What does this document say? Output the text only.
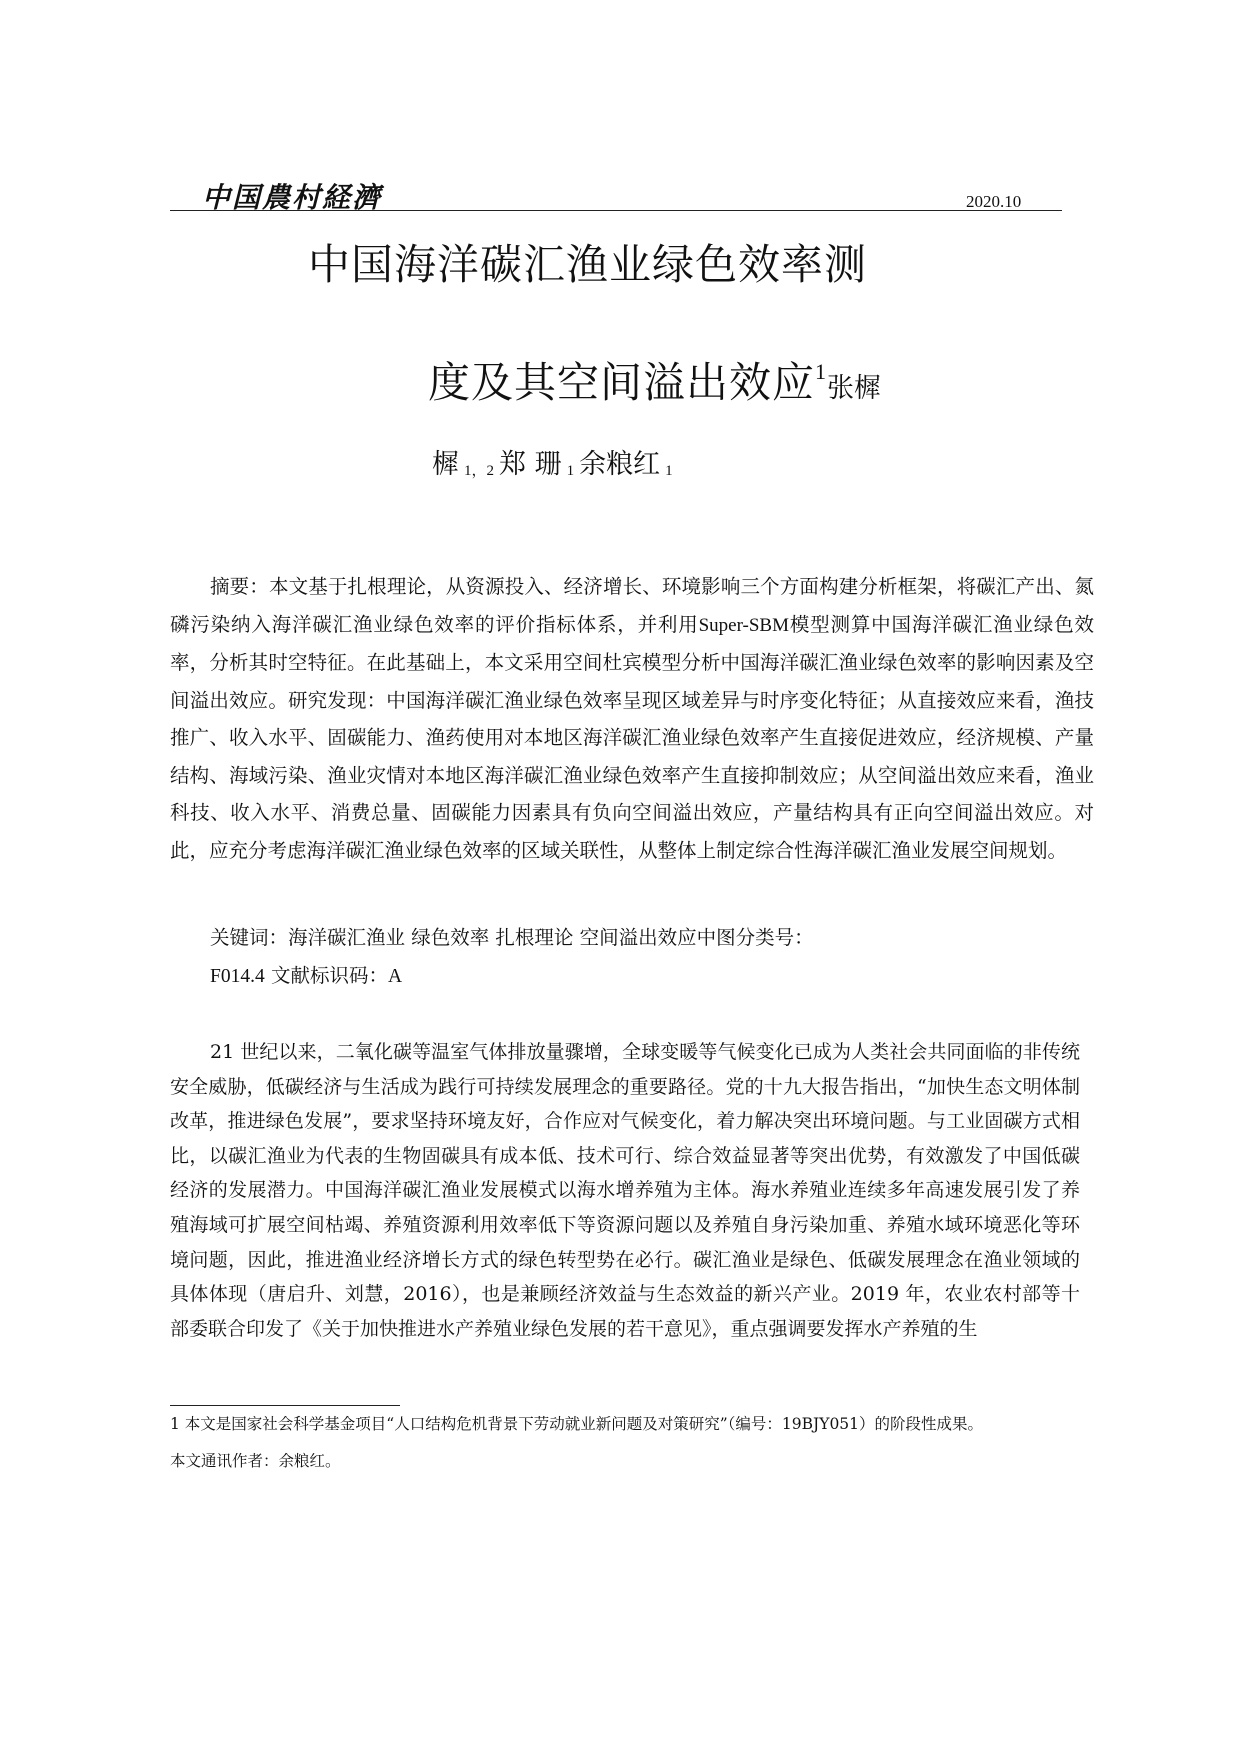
中国農村経濟	2020.10
中国海洋碳汇渔业绿色效率测
度及其空间溢出效应$^1$张樨
樨 1，2 郑 珊 1 余粮红 1

摘要：本文基于扎根理论，从资源投入、经济增长、环境影响三个方面构建分析框架，将碳汇产出、氮磷污染纳入海洋碳汇渔业绿色效率的评价指标体系，并利用Super-SBM模型测算中国海洋碳汇渔业绿色效率，分析其时空特征。在此基础上，本文采用空间杜宾模型分析中国海洋碳汇渔业绿色效率的影响因素及空间溢出效应。研究发现：中国海洋碳汇渔业绿色效率呈现区域差异与时序变化特征；从直接效应来看，渔技推广、收入水平、固碳能力、渔药使用对本地区海洋碳汇渔业绿色效率产生直接促进效应，经济规模、产量结构、海域污染、渔业灾情对本地区海洋碳汇渔业绿色效率产生直接抑制效应；从空间溢出效应来看，渔业科技、收入水平、消费总量、固碳能力因素具有负向空间溢出效应，产量结构具有正向空间溢出效应。对此，应充分考虑海洋碳汇渔业绿色效率的区域关联性，从整体上制定综合性海洋碳汇渔业发展空间规划。

关键词：海洋碳汇渔业 绿色效率 扎根理论 空间溢出效应中图分类号：
F014.4 文献标识码：A

21 世纪以来，二氧化碳等温室气体排放量骤增，全球变暖等气候变化已成为人类社会共同面临的非传统安全威胁，低碳经济与生活成为践行可持续发展理念的重要路径。党的十九大报告指出，“加快生态文明体制改革，推进绿色发展”，要求坚持环境友好，合作应对气候变化，着力解决突出环境问题。与工业固碳方式相比，以碳汇渔业为代表的生物固碳具有成本低、技术可行、综合效益显著等突出优势，有效激发了中国低碳经济的发展潜力。中国海洋碳汇渔业发展模式以海水增养殖为主体。海水养殖业连续多年高速发展引发了养殖海域可扩展空间枯竭、养殖资源利用效率低下等资源问题以及养殖自身污染加重、养殖水域环境恶化等环境问题，因此，推进渔业经济增长方式的绿色转型势在必行。碳汇渔业是绿色、低碳发展理念在渔业领域的具体体现（唐启升、刘慧，2016），也是兼顾经济效益与生态效益的新兴产业。2019 年，农业农村部等十部委联合印发了《关于加快推进水产养殖业绿色发展的若干意见》，重点强调要发挥水产养殖的生

1 本文是国家社会科学基金项目“人口结构危机背景下劳动就业新问题及对策研究”（编号：19BJY051）的阶段性成果。

本文通讯作者：余粮红。
